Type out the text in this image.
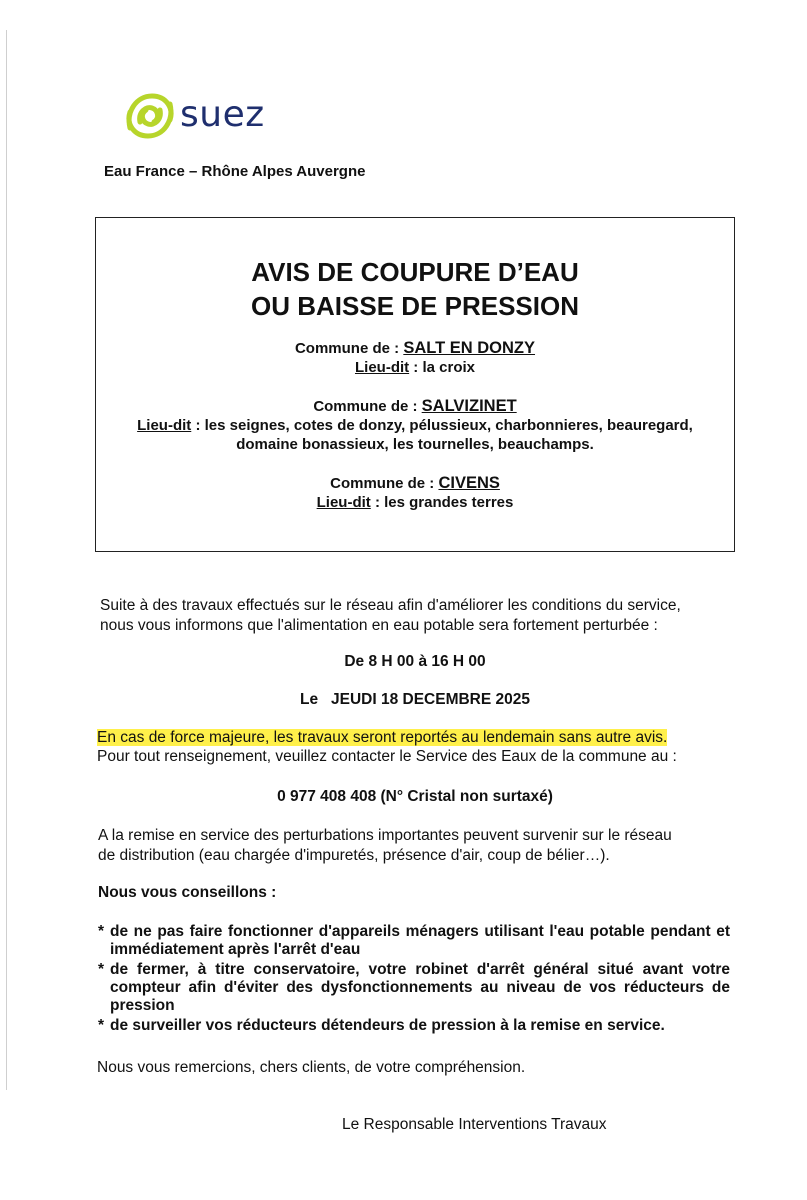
suez
Eau France – Rhône Alpes Auvergne
AVIS DE COUPURE D’EAU
OU BAISSE DE PRESSION
Commune de : SALT EN DONZY
Lieu-dit : la croix
Commune de : SALVIZINET
Lieu-dit : les seignes, cotes de donzy, pélussieux, charbonnieres, beauregard,
domaine bonassieux, les tournelles, beauchamps.
Commune de : CIVENS
Lieu-dit : les grandes terres
Suite à des travaux effectués sur le réseau afin d'améliorer les conditions du service,
nous vous informons que l'alimentation en eau potable sera fortement perturbée :
De 8 H 00 à 16 H 00
Le JEUDI 18 DECEMBRE 2025
En cas de force majeure, les travaux seront reportés au lendemain sans autre avis.
Pour tout renseignement, veuillez contacter le Service des Eaux de la commune au :
0 977 408 408 (N° Cristal non surtaxé)
A la remise en service des perturbations importantes peuvent survenir sur le réseau
de distribution (eau chargée d'impuretés, présence d'air, coup de bélier…).
Nous vous conseillons :
* de ne pas faire fonctionner d'appareils ménagers utilisant l'eau potable pendant et immédiatement après l'arrêt d'eau
* de fermer, à titre conservatoire, votre robinet d'arrêt général situé avant votre compteur afin d'éviter des dysfonctionnements au niveau de vos réducteurs de pression
* de surveiller vos réducteurs détendeurs de pression à la remise en service.
Nous vous remercions, chers clients, de votre compréhension.
Le Responsable Interventions Travaux
